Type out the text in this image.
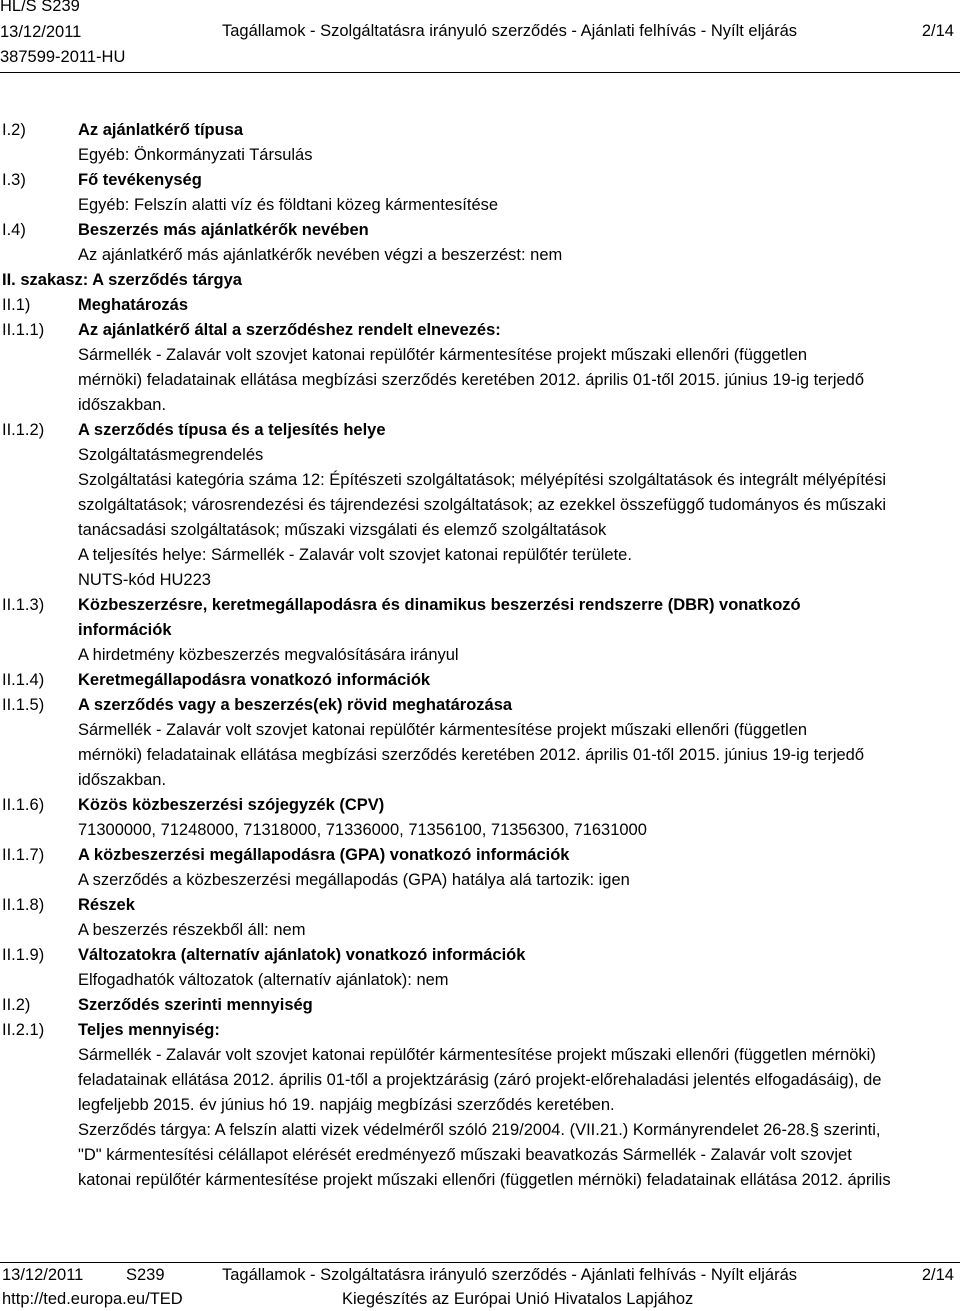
HL/S S239
13/12/2011	Tagállamok - Szolgáltatásra irányuló szerződés - Ajánlati felhívás - Nyílt eljárás	2/14
387599-2011-HU
I.2)	Az ajánlatkérő típusa
Egyéb: Önkormányzati Társulás
I.3)	Fő tevékenység
Egyéb: Felszín alatti víz és földtani közeg kármentesítése
I.4)	Beszerzés más ajánlatkérők nevében
Az ajánlatkérő más ajánlatkérők nevében végzi a beszerzést: nem
II. szakasz: A szerződés tárgya
II.1)	Meghatározás
II.1.1)	Az ajánlatkérő által a szerződéshez rendelt elnevezés:
Sármellék - Zalavár volt szovjet katonai repülőtér kármentesítése projekt műszaki ellenőri (független
mérnöki) feladatainak ellátása megbízási szerződés keretében 2012. április 01-től 2015. június 19-ig terjedő
időszakban.
II.1.2)	A szerződés típusa és a teljesítés helye
Szolgáltatásmegrendelés
Szolgáltatási kategória száma 12: Építészeti szolgáltatások; mélyépítési szolgáltatások és integrált mélyépítési
szolgáltatások; városrendezési és tájrendezési szolgáltatások; az ezekkel összefüggő tudományos és műszaki
tanácsadási szolgáltatások; műszaki vizsgálati és elemző szolgáltatások
A teljesítés helye: Sármellék - Zalavár volt szovjet katonai repülőtér területe.
NUTS-kód HU223
II.1.3)	Közbeszerzésre, keretmegállapodásra és dinamikus beszerzési rendszerre (DBR) vonatkozó
információk
A hirdetmény közbeszerzés megvalósítására irányul
II.1.4)	Keretmegállapodásra vonatkozó információk
II.1.5)	A szerződés vagy a beszerzés(ek) rövid meghatározása
Sármellék - Zalavár volt szovjet katonai repülőtér kármentesítése projekt műszaki ellenőri (független
mérnöki) feladatainak ellátása megbízási szerződés keretében 2012. április 01-től 2015. június 19-ig terjedő
időszakban.
II.1.6)	Közös közbeszerzési szójegyzék (CPV)
71300000, 71248000, 71318000, 71336000, 71356100, 71356300, 71631000
II.1.7)	A közbeszerzési megállapodásra (GPA) vonatkozó információk
A szerződés a közbeszerzési megállapodás (GPA) hatálya alá tartozik: igen
II.1.8)	Részek
A beszerzés részekből áll: nem
II.1.9)	Változatokra (alternatív ajánlatok) vonatkozó információk
Elfogadhatók változatok (alternatív ajánlatok): nem
II.2)	Szerződés szerinti mennyiség
II.2.1)	Teljes mennyiség:
Sármellék - Zalavár volt szovjet katonai repülőtér kármentesítése projekt műszaki ellenőri (független mérnöki)
feladatainak ellátása 2012. április 01-től a projektzárásig (záró projekt-előrehaladási jelentés elfogadásáig), de
legfeljebb 2015. év június hó 19. napjáig megbízási szerződés keretében.
Szerződés tárgya: A felszín alatti vizek védelméről szóló 219/2004. (VII.21.) Kormányrendelet 26-28.§ szerinti,
"D" kármentesítési célállapot elérését eredményező műszaki beavatkozás Sármellék - Zalavár volt szovjet
katonai repülőtér kármentesítése projekt műszaki ellenőri (független mérnöki) feladatainak ellátása 2012. április
13/12/2011	S239	Tagállamok - Szolgáltatásra irányuló szerződés - Ajánlati felhívás - Nyílt eljárás	2/14
http://ted.europa.eu/TED	Kiegészítés az Európai Unió Hivatalos Lapjához
